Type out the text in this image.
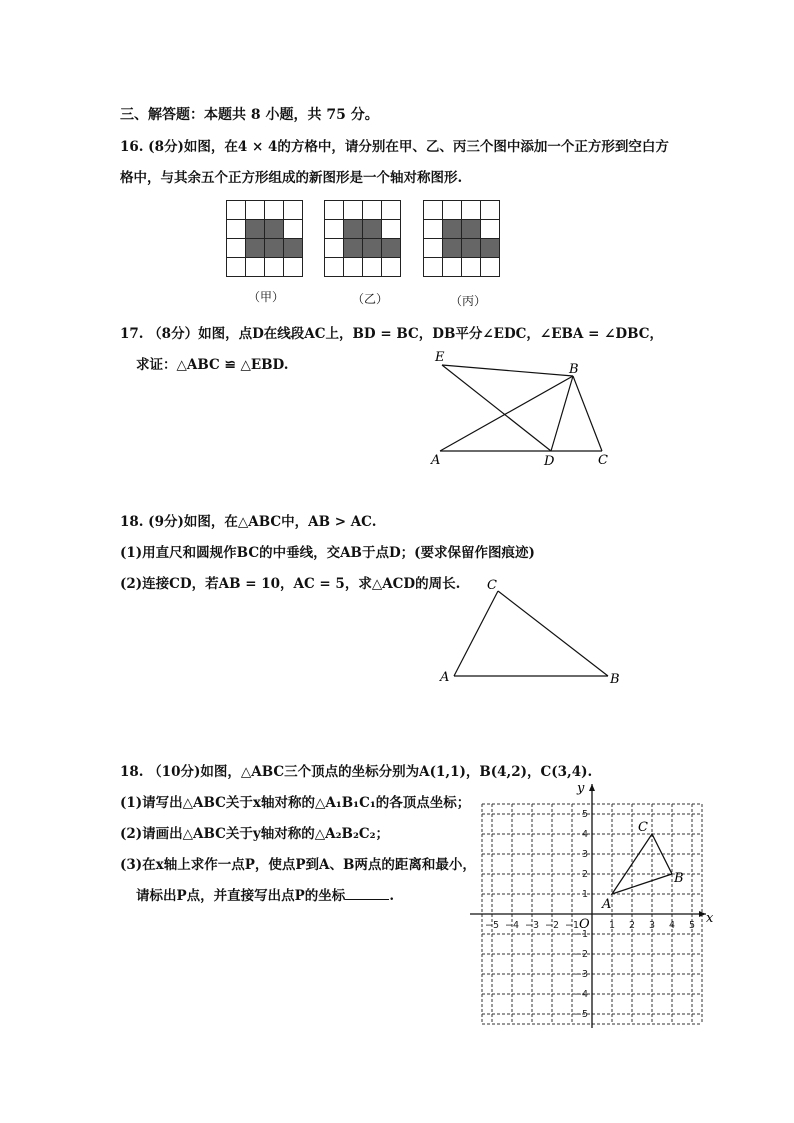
三、解答题：本题共 8 小题，共 75 分。
16. (8分)如图，在4 × 4的方格中，请分别在甲、乙、丙三个图中添加一个正方形到空白方
格中，与其余五个正方形组成的新图形是一个轴对称图形.
（甲）	（乙）	（丙）
17. （8分）如图，点D在线段AC上，BD = BC，DB平分∠EDC，∠EBA = ∠DBC，
求证：△ABC ≌ △EBD.	E
B
A	D	C
18. (9分)如图，在△ABC中，AB > AC.
(1)用直尺和圆规作BC的中垂线，交AB于点D；(要求保留作图痕迹)
(2)连接CD，若AB = 10，AC = 5，求△ACD的周长. C
A	B
18. （10分)如图，△ABC三个顶点的坐标分别为A(1,1)，B(4,2)，C(3,4).
(1)请写出△ABC关于x轴对称的△A₁B₁C₁的各顶点坐标；
(2)请画出△ABC关于y轴对称的△A₂B₂C₂；
(3)在x轴上求作一点P，使点P到A、B两点的距离和最小，
请标出P点，并直接写出点P的坐标	.
x
y
O
−5 −4 −3 −2 −1	1 2 3 4 5
1
2
3
4
5
−1
−2
−3
−4
−5
A
B
C
